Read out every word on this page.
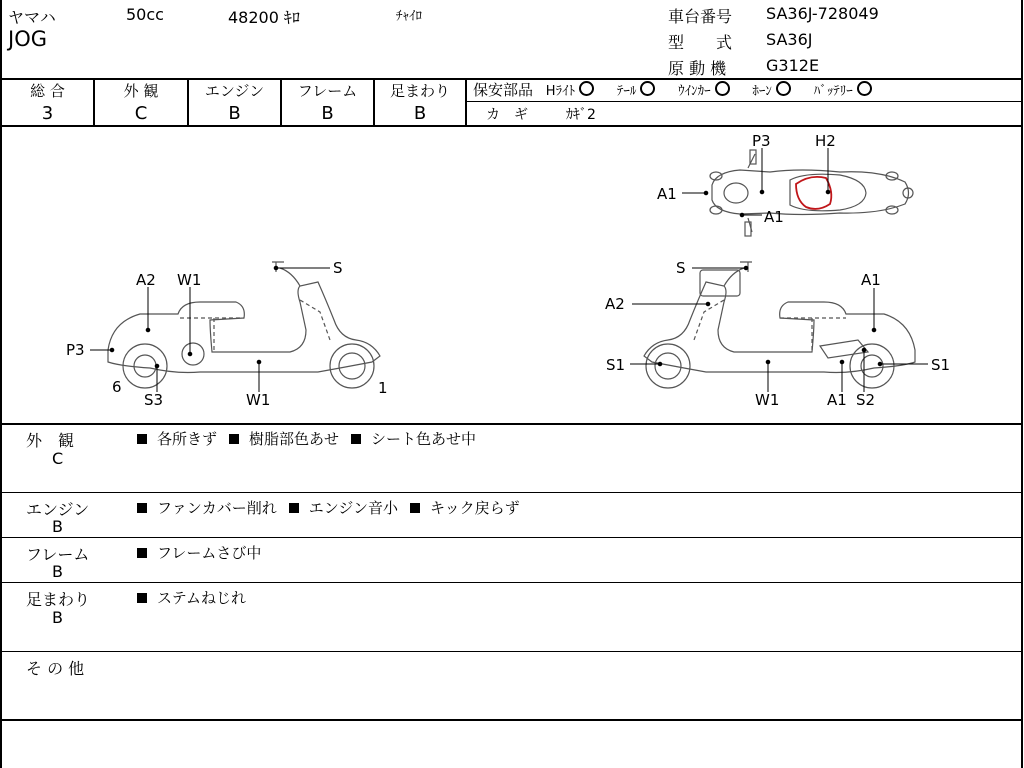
ヤマハ	50cc	48200 ｷﾛ	ﾁｬｲﾛ
JOG
車台番号 SA36J-728049
型　　式 SA36J
原 動 機 G312E
総 合
3
外 観
C
エンジン
B
フレーム
B
足まわり
B
保安部品 Hﾗｲﾄ	ﾃｰﾙ	ｳｲﾝｶｰ	ﾎｰﾝ	ﾊﾞｯﾃﾘｰ
カ　ギ	ｶｷﾞ2
P3	H2
A1
A1
A2 W1
S
P3
6
S3	W1
1
S
A1
A2
S1	S1
W1	A1 S2
外　観
C
各所きず 樹脂部色あせ シート色あせ中
エンジン
B
ファンカバー削れ エンジン音小 キック戻らず
フレーム
B
フレームさび中
足まわり
B
ステムねじれ
そ の 他
